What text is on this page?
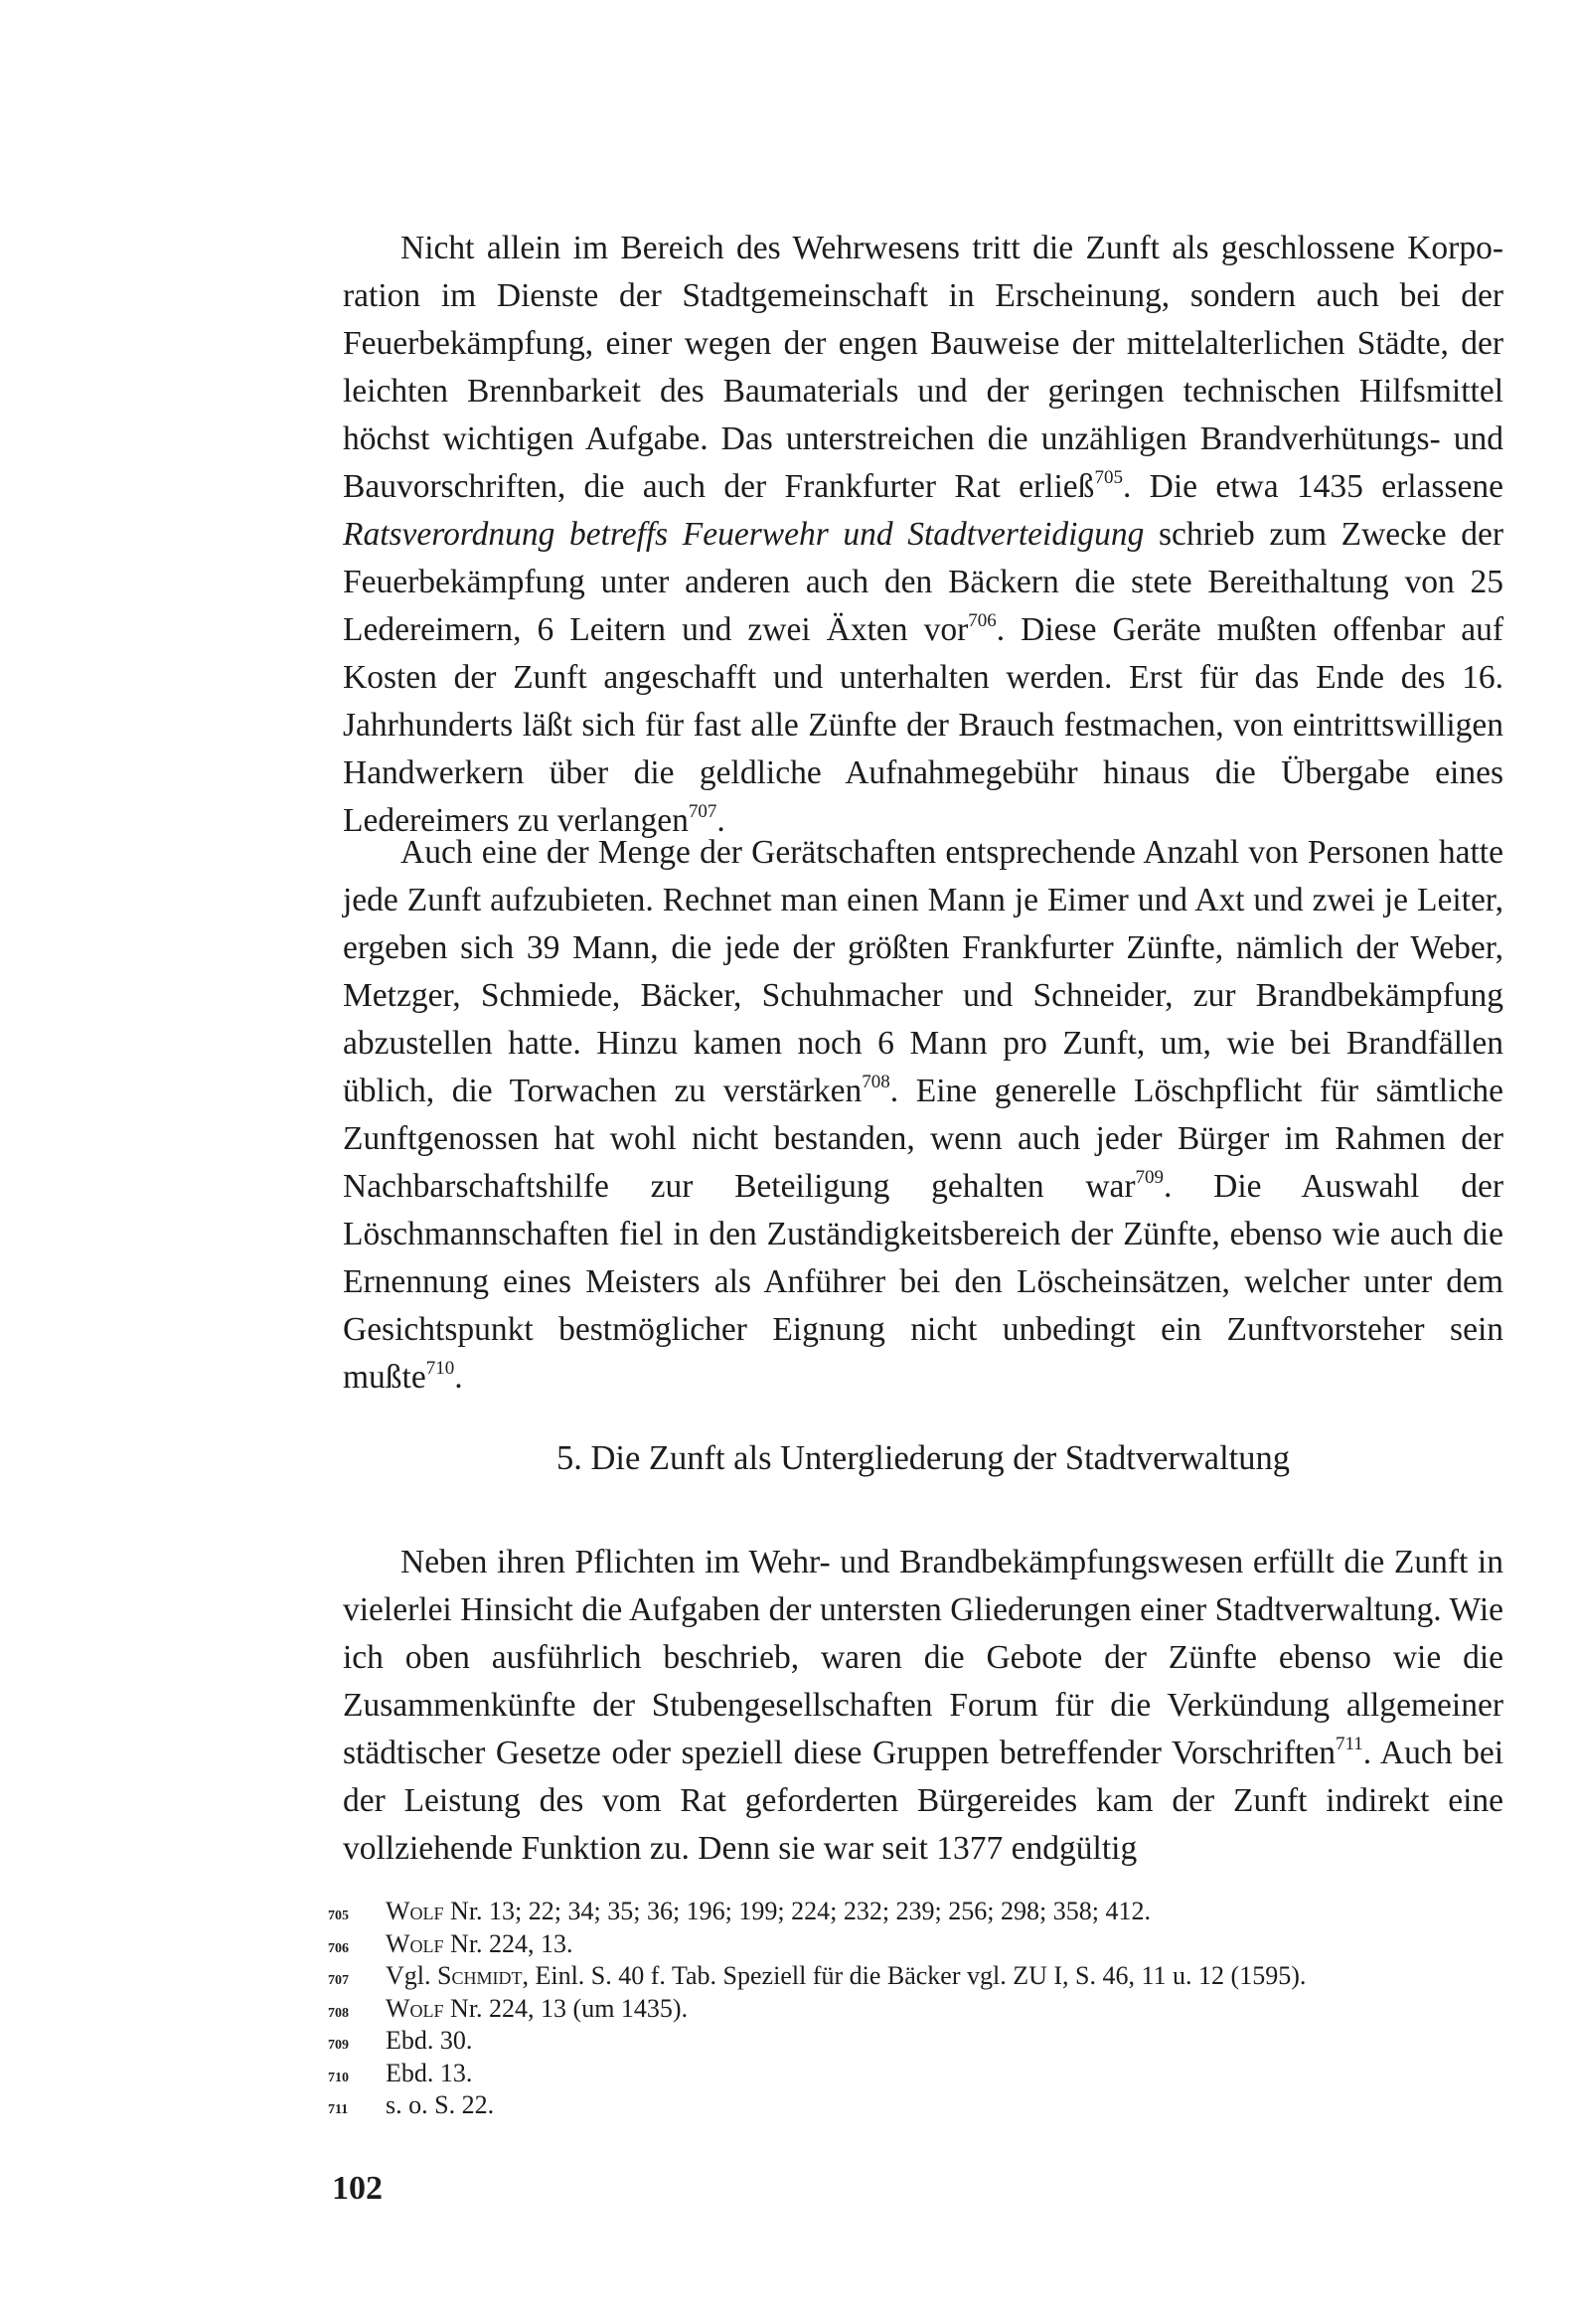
Nicht allein im Bereich des Wehrwesens tritt die Zunft als geschlossene Korporation im Dienste der Stadtgemeinschaft in Erscheinung, sondern auch bei der Feuerbekämpfung, einer wegen der engen Bauweise der mittelalterlichen Städte, der leichten Brennbarkeit des Baumaterials und der geringen technischen Hilfsmittel höchst wichtigen Aufgabe. Das unterstreichen die unzähligen Brandverhütungs- und Bauvorschriften, die auch der Frankfurter Rat erließ$^{705}$. Die etwa 1435 erlassene Ratsverordnung betreffs Feuerwehr und Stadtverteidigung schrieb zum Zwecke der Feuerbekämpfung unter anderen auch den Bäckern die stete Bereithaltung von 25 Ledereimern, 6 Leitern und zwei Äxten vor$^{706}$. Diese Geräte mußten offenbar auf Kosten der Zunft angeschafft und unterhalten werden. Erst für das Ende des 16. Jahrhunderts läßt sich für fast alle Zünfte der Brauch festmachen, von eintrittswilligen Handwerkern über die geldliche Aufnahmegebühr hinaus die Übergabe eines Ledereimers zu verlangen$^{707}$.

Auch eine der Menge der Gerätschaften entsprechende Anzahl von Personen hatte jede Zunft aufzubieten. Rechnet man einen Mann je Eimer und Axt und zwei je Leiter, ergeben sich 39 Mann, die jede der größten Frankfurter Zünfte, nämlich der Weber, Metzger, Schmiede, Bäcker, Schuhmacher und Schneider, zur Brandbekämpfung abzustellen hatte. Hinzu kamen noch 6 Mann pro Zunft, um, wie bei Brandfällen üblich, die Torwachen zu verstärken$^{708}$. Eine generelle Löschpflicht für sämtliche Zunftgenossen hat wohl nicht bestanden, wenn auch jeder Bürger im Rahmen der Nachbarschaftshilfe zur Beteiligung gehalten war$^{709}$. Die Auswahl der Löschmannschaften fiel in den Zuständigkeitsbereich der Zünfte, ebenso wie auch die Ernennung eines Meisters als Anführer bei den Löscheinsätzen, welcher unter dem Gesichtspunkt bestmöglicher Eignung nicht unbedingt ein Zunftvorsteher sein mußte$^{710}$.

5. Die Zunft als Untergliederung der Stadtverwaltung

Neben ihren Pflichten im Wehr- und Brandbekämpfungswesen erfüllt die Zunft in vielerlei Hinsicht die Aufgaben der untersten Gliederungen einer Stadtverwaltung. Wie ich oben ausführlich beschrieb, waren die Gebote der Zünfte ebenso wie die Zusammenkünfte der Stubengesellschaften Forum für die Verkündung allgemeiner städtischer Gesetze oder speziell diese Gruppen betreffender Vorschriften$^{711}$. Auch bei der Leistung des vom Rat geforderten Bürgereides kam der Zunft indirekt eine vollziehende Funktion zu. Denn sie war seit 1377 endgültig

705	Wolf Nr. 13; 22; 34; 35; 36; 196; 199; 224; 232; 239; 256; 298; 358; 412.
706	Wolf Nr. 224, 13.
707	Vgl. Schmidt, Einl. S. 40 f. Tab. Speziell für die Bäcker vgl. ZU I, S. 46, 11 u. 12 (1595).
708	Wolf Nr. 224, 13 (um 1435).
709	Ebd. 30.
710	Ebd. 13.
711	s. o. S. 22.
102
